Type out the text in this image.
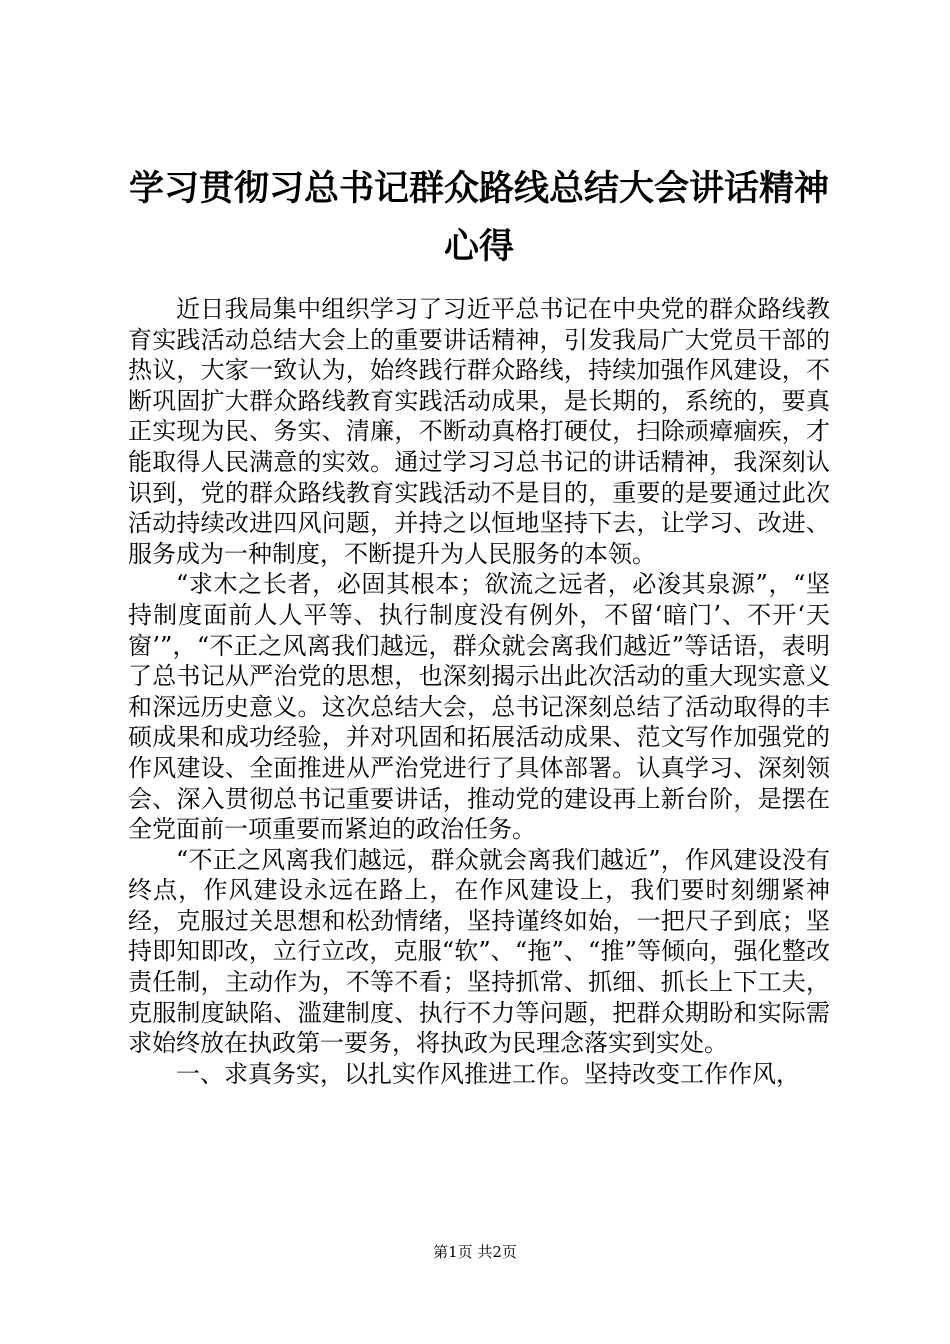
学习贯彻习总书记群众路线总结大会讲话精神心得

近日我局集中组织学习了习近平总书记在中央党的群众路线教育实践活动总结大会上的重要讲话精神，引发我局广大党员干部的热议，大家一致认为，始终践行群众路线，持续加强作风建设，不断巩固扩大群众路线教育实践活动成果，是长期的，系统的，要真正实现为民、务实、清廉，不断动真格打硬仗，扫除顽瘴痼疾，才能取得人民满意的实效。通过学习习总书记的讲话精神，我深刻认识到，党的群众路线教育实践活动不是目的，重要的是要通过此次活动持续改进四风问题，并持之以恒地坚持下去，让学习、改进、服务成为一种制度，不断提升为人民服务的本领。

“求木之长者，必固其根本；欲流之远者，必浚其泉源”，“坚持制度面前人人平等、执行制度没有例外，不留‘暗门’、不开‘天窗’”，“不正之风离我们越远，群众就会离我们越近”等话语，表明了总书记从严治党的思想，也深刻揭示出此次活动的重大现实意义和深远历史意义。这次总结大会，总书记深刻总结了活动取得的丰硕成果和成功经验，并对巩固和拓展活动成果、范文写作加强党的作风建设、全面推进从严治党进行了具体部署。认真学习、深刻领会、深入贯彻总书记重要讲话，推动党的建设再上新台阶，是摆在全党面前一项重要而紧迫的政治任务。

“不正之风离我们越远，群众就会离我们越近”，作风建设没有终点，作风建设永远在路上，在作风建设上，我们要时刻绷紧神经，克服过关思想和松劲情绪，坚持谨终如始，一把尺子到底；坚持即知即改，立行立改，克服“软”、“拖”、“推”等倾向，强化整改责任制，主动作为，不等不看；坚持抓常、抓细、抓长上下工夫，克服制度缺陷、滥建制度、执行不力等问题，把群众期盼和实际需求始终放在执政第一要务，将执政为民理念落实到实处。

一、求真务实，以扎实作风推进工作。坚持改变工作作风，

第1页 共2页
